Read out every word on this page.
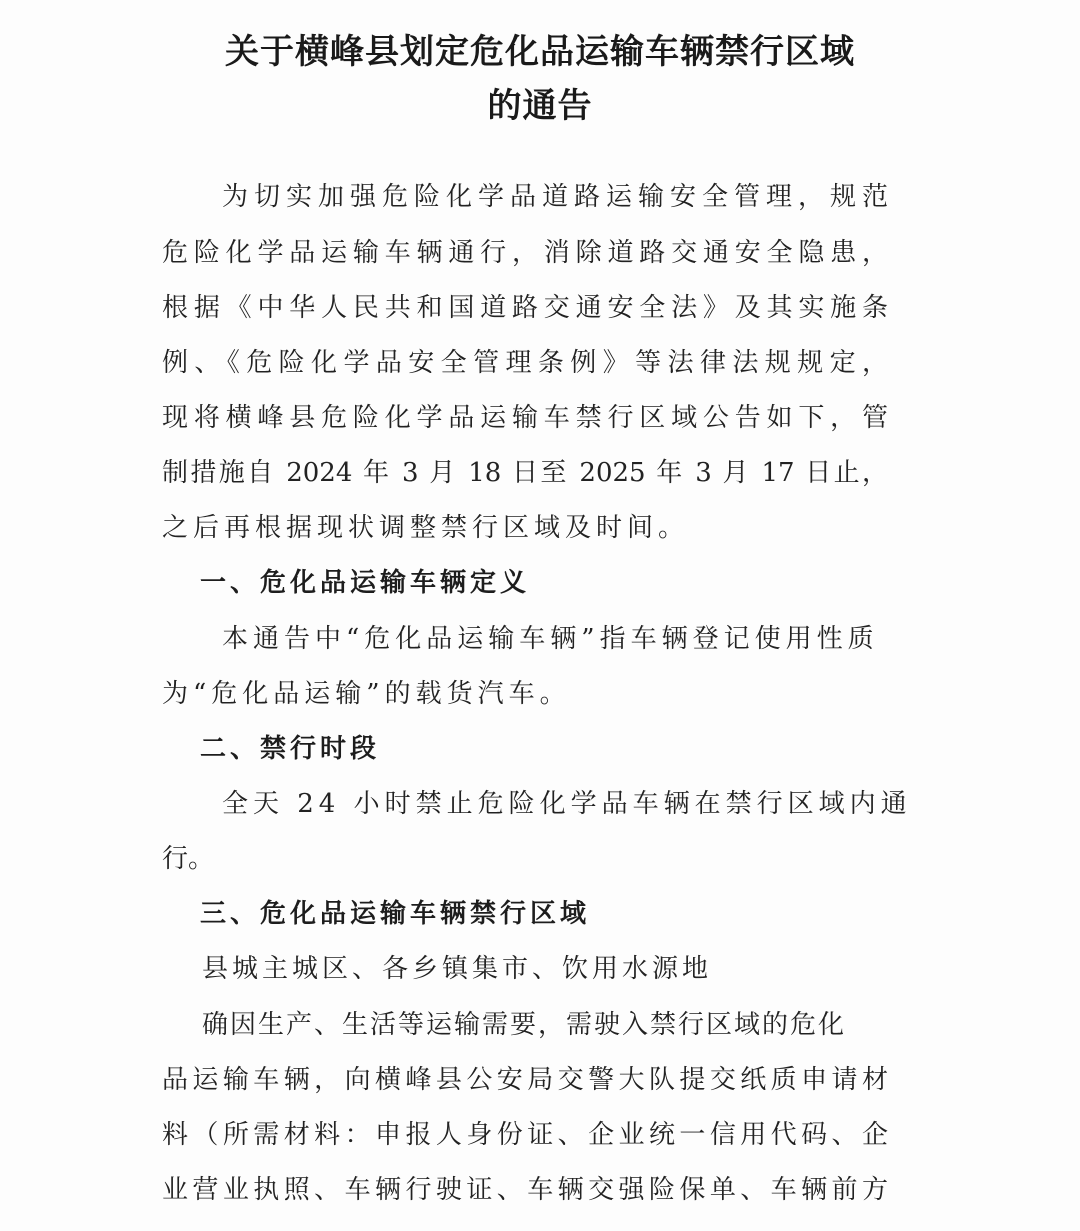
关于横峰县划定危化品运输车辆禁行区域
的通告

为切实加强危险化学品道路运输安全管理，规范

危险化学品运输车辆通行，消除道路交通安全隐患，

根据《中华人民共和国道路交通安全法》及其实施条

例、《危险化学品安全管理条例》等法律法规规定，

现将横峰县危险化学品运输车禁行区域公告如下，管

制措施自 2024 年 3 月 18 日至 2025 年 3 月 17 日止，

之后再根据现状调整禁行区域及时间。

一、危化品运输车辆定义

本通告中“危化品运输车辆”指车辆登记使用性质

为“危化品运输”的载货汽车。

二、禁行时段

全天 24 小时禁止危险化学品车辆在禁行区域内通

行。

三、危化品运输车辆禁行区域

县城主城区、各乡镇集市、饮用水源地

确因生产、生活等运输需要，需驶入禁行区域的危化

品运输车辆，向横峰县公安局交警大队提交纸质申请材

料（所需材料：申报人身份证、企业统一信用代码、企

业营业执照、车辆行驶证、车辆交强险保单、车辆前方
